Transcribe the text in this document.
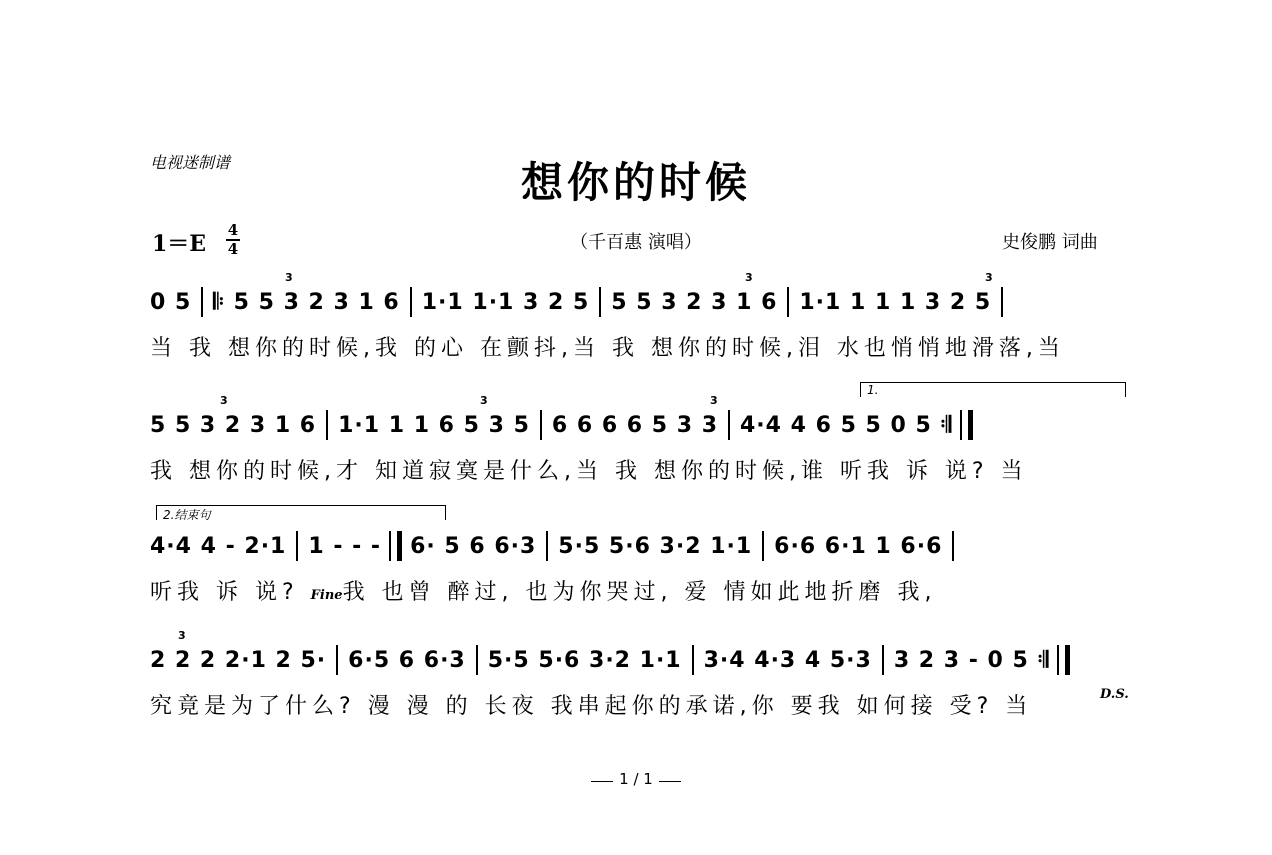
电视迷制谱	想你的时候
（千百惠 演唱）	史俊鹏 词曲
1＝E
4
4
3	3	3
0 5 𝄆 5 5 3 2 3 1 6 1·1 1·1 3 2 5 5 5 3 2 3 1 6 1·1 1 1 1 3 2 5
当 我 想你的时候,我 的心 在颤抖,当 我 想你的时候,泪 水也悄悄地滑落,当
1.
3	3	3
5 5 3 2 3 1 6 1·1 1 1 6 5 3 5 6 6 6 6 5 3 3 4·4 4 6 5 5 0 5 𝄇
我 想你的时候,才 知道寂寞是什么,当 我 想你的时候,谁 听我 诉 说? 当
2.结束句
4·4 4 - 2·1 1 - - - 6· 5 6 6·3 5·5 5·6 3·2 1·1 6·6 6·1 1 6·6
听我 诉 说? Fine我 也曾 醉过, 也为你哭过, 爱 情如此地折磨 我,
3
2 2 2 2·1 2 5· 6·5 6 6·3 5·5 5·6 3·2 1·1 3·4 4·3 4 5·3 3 2 3 - 0 5 𝄇
究竟是为了什么? 漫 漫 的 长夜 我串起你的承诺,你 要我 如何接 受? 当	D.S.
1 / 1
